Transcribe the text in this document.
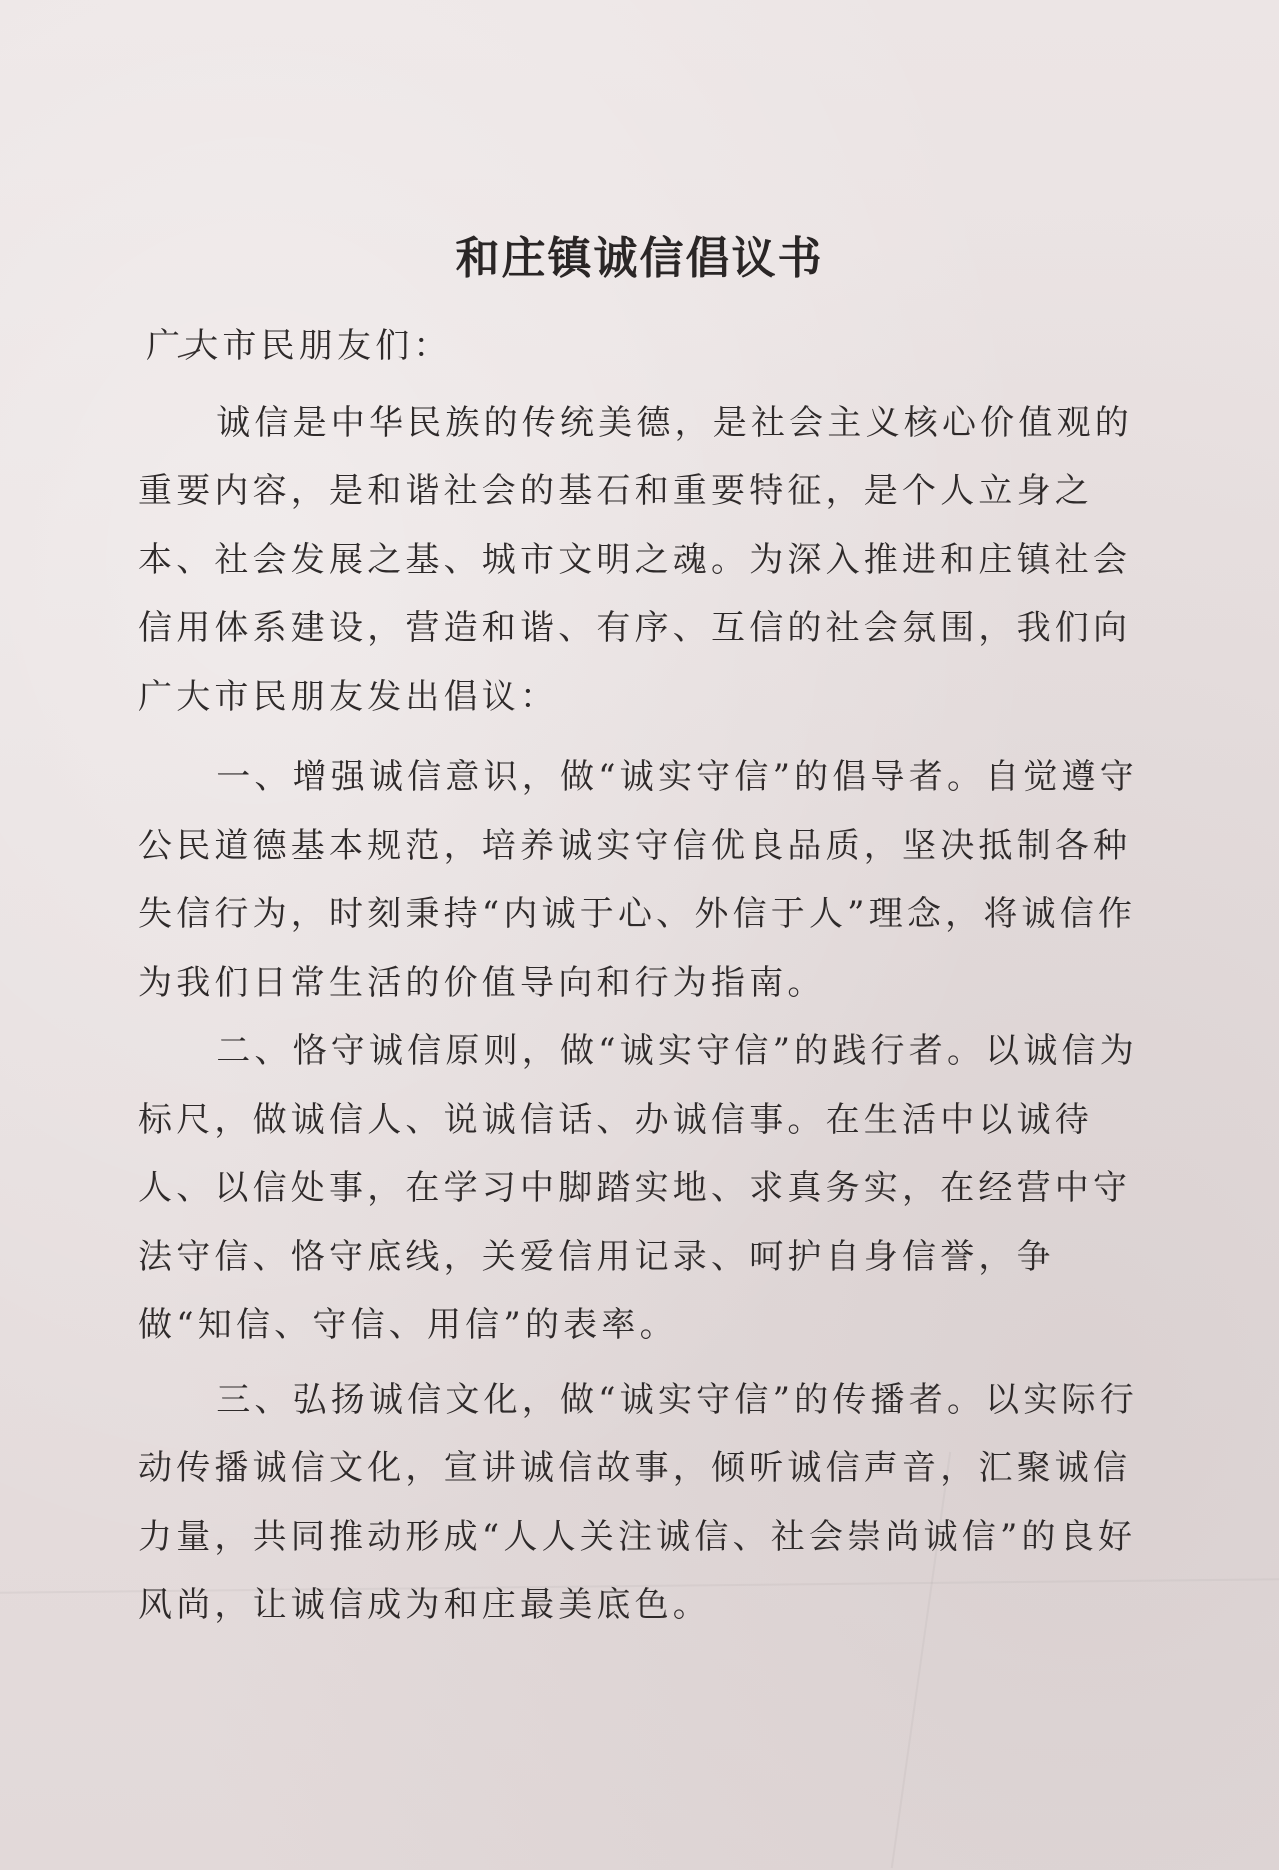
和庄镇诚信倡议书

广大市民朋友们：

诚信是中华民族的传统美德，是社会主义核心价值观的重要内容，是和谐社会的基石和重要特征，是个人立身之本、社会发展之基、城市文明之魂。为深入推进和庄镇社会信用体系建设，营造和谐、有序、互信的社会氛围，我们向广大市民朋友发出倡议：

一、增强诚信意识，做“诚实守信”的倡导者。自觉遵守公民道德基本规范，培养诚实守信优良品质，坚决抵制各种失信行为，时刻秉持“内诚于心、外信于人”理念，将诚信作为我们日常生活的价值导向和行为指南。

二、恪守诚信原则，做“诚实守信”的践行者。以诚信为标尺，做诚信人、说诚信话、办诚信事。在生活中以诚待人、以信处事，在学习中脚踏实地、求真务实，在经营中守法守信、恪守底线，关爱信用记录、呵护自身信誉，争做“知信、守信、用信”的表率。

三、弘扬诚信文化，做“诚实守信”的传播者。以实际行动传播诚信文化，宣讲诚信故事，倾听诚信声音，汇聚诚信力量，共同推动形成“人人关注诚信、社会崇尚诚信”的良好风尚，让诚信成为和庄最美底色。
